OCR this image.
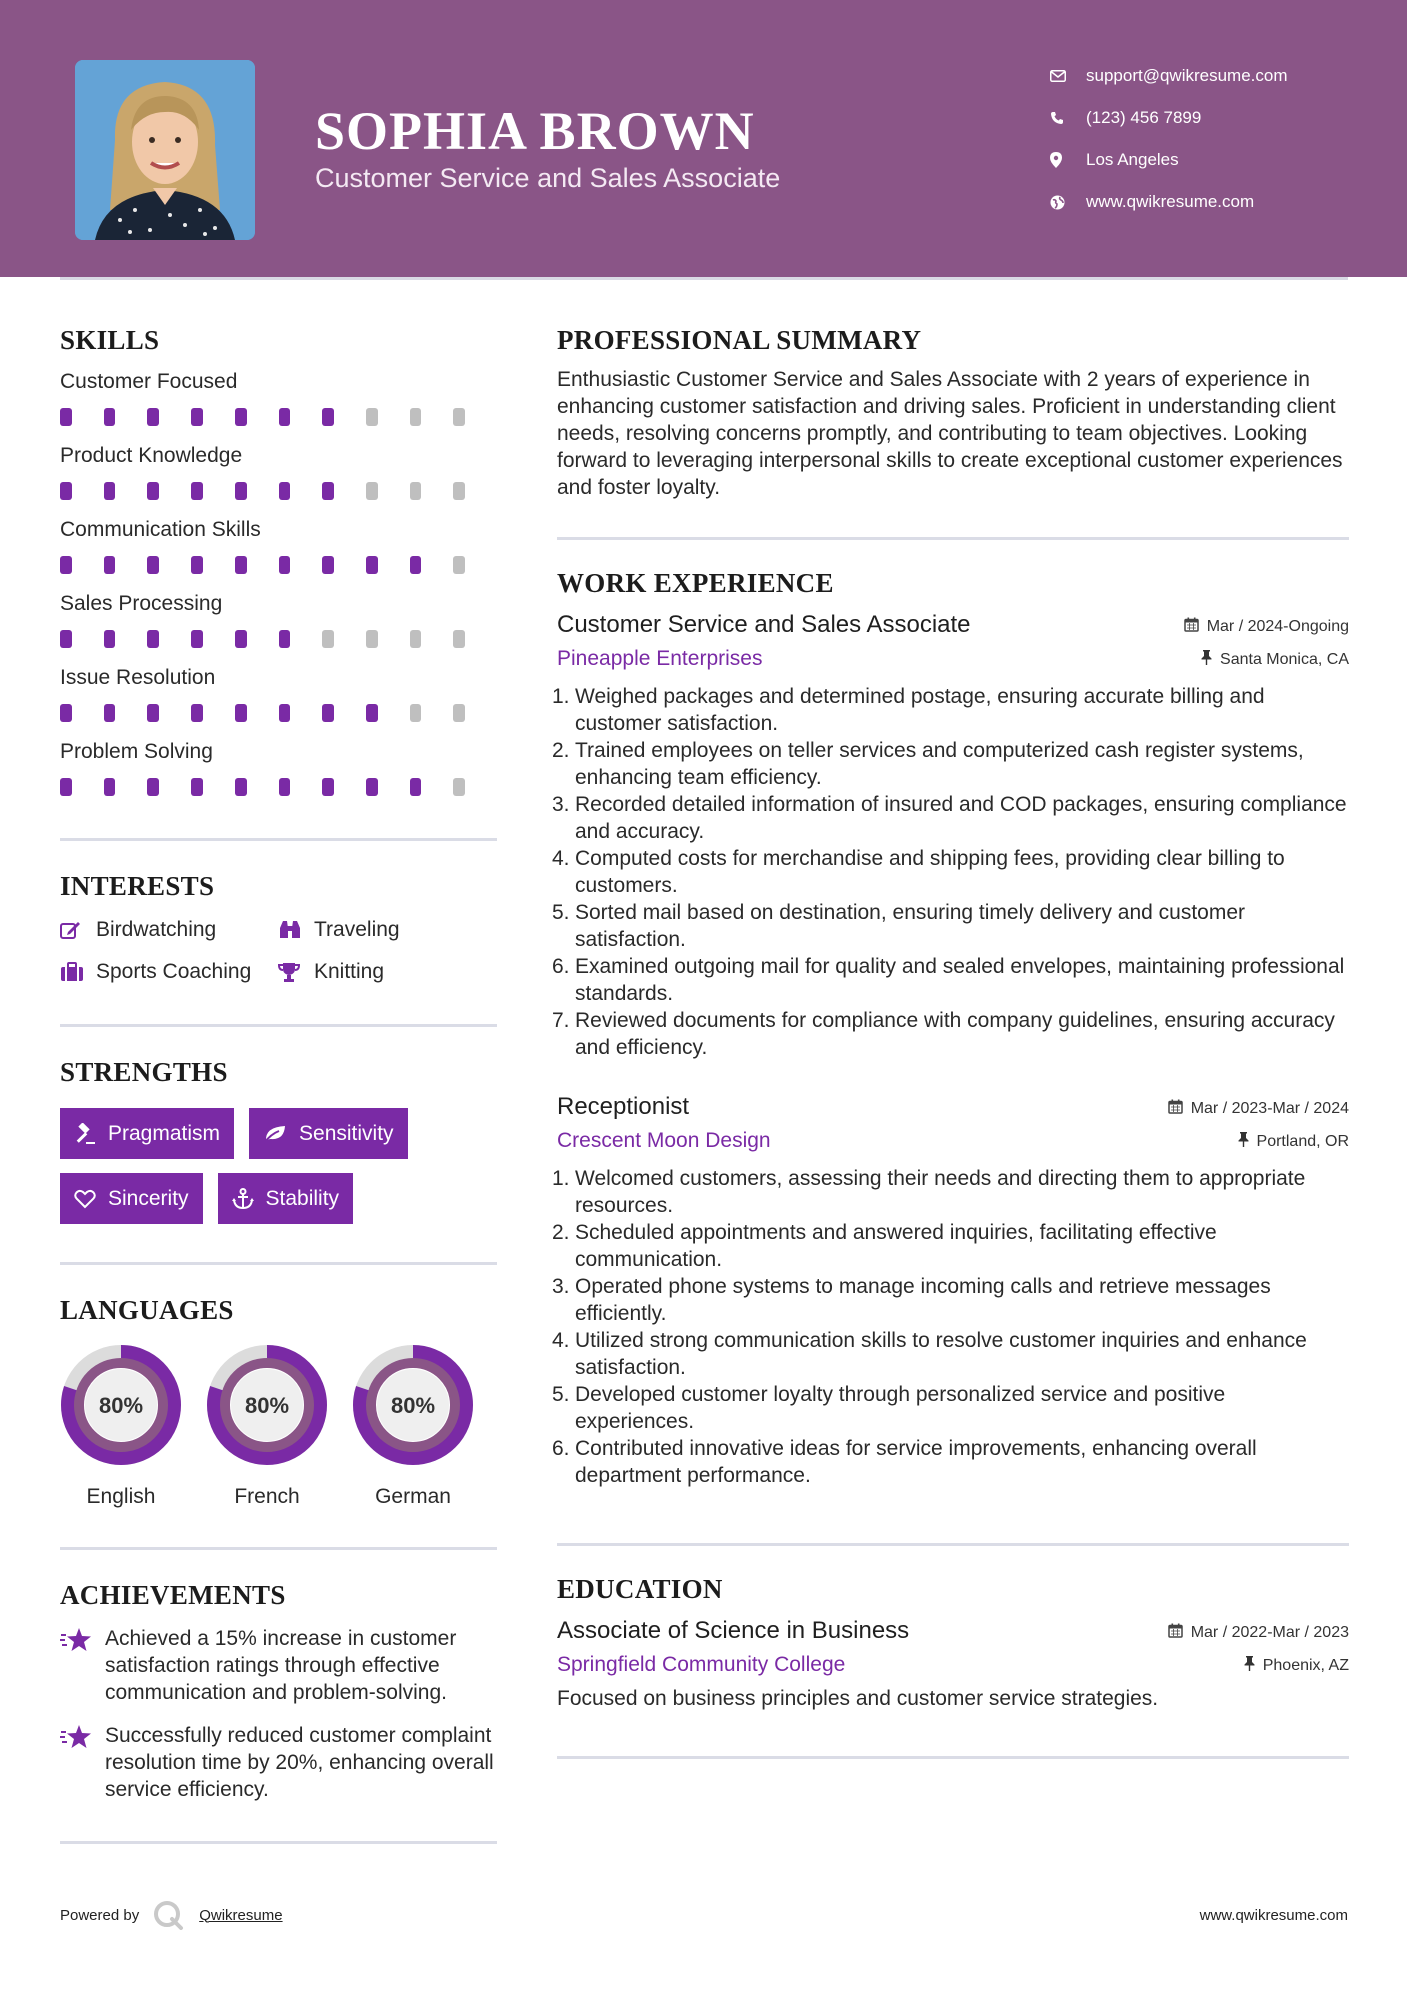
SOPHIA BROWN
Customer Service and Sales Associate
support@qwikresume.com
(123) 456 7899
Los Angeles
www.qwikresume.com
SKILLS
Customer Focused
Product Knowledge
Communication Skills
Sales Processing
Issue Resolution
Problem Solving
INTERESTS
Birdwatching	Traveling
Sports Coaching	Knitting
STRENGTHS
Pragmatism	Sensitivity
Sincerity	Stability
LANGUAGES
80%
English
80%
French
80%
German
ACHIEVEMENTS
Achieved a 15% increase in customer satisfaction ratings through effective communication and problem-solving.
Successfully reduced customer complaint resolution time by 20%, enhancing overall service efficiency.
PROFESSIONAL SUMMARY

Enthusiastic Customer Service and Sales Associate with 2 years of experience in enhancing customer satisfaction and driving sales. Proficient in understanding client needs, resolving concerns promptly, and contributing to team objectives. Looking forward to leveraging interpersonal skills to create exceptional customer experiences and foster loyalty.

WORK EXPERIENCE
Customer Service and Sales Associate	Mar / 2024-Ongoing
Pineapple Enterprises	Santa Monica, CA
1. Weighed packages and determined postage, ensuring accurate billing and customer satisfaction.
2. Trained employees on teller services and computerized cash register systems, enhancing team efficiency.
3. Recorded detailed information of insured and COD packages, ensuring compliance and accuracy.
4. Computed costs for merchandise and shipping fees, providing clear billing to customers.
5. Sorted mail based on destination, ensuring timely delivery and customer satisfaction.
6. Examined outgoing mail for quality and sealed envelopes, maintaining professional standards.
7. Reviewed documents for compliance with company guidelines, ensuring accuracy and efficiency.
Receptionist	Mar / 2023-Mar / 2024
Crescent Moon Design	Portland, OR
1. Welcomed customers, assessing their needs and directing them to appropriate resources.
2. Scheduled appointments and answered inquiries, facilitating effective communication.
3. Operated phone systems to manage incoming calls and retrieve messages efficiently.
4. Utilized strong communication skills to resolve customer inquiries and enhance satisfaction.
5. Developed customer loyalty through personalized service and positive experiences.
6. Contributed innovative ideas for service improvements, enhancing overall department performance.
EDUCATION
Associate of Science in Business	Mar / 2022-Mar / 2023
Springfield Community College	Phoenix, AZ

Focused on business principles and customer service strategies.

Powered by	Qwikresume	www.qwikresume.com
